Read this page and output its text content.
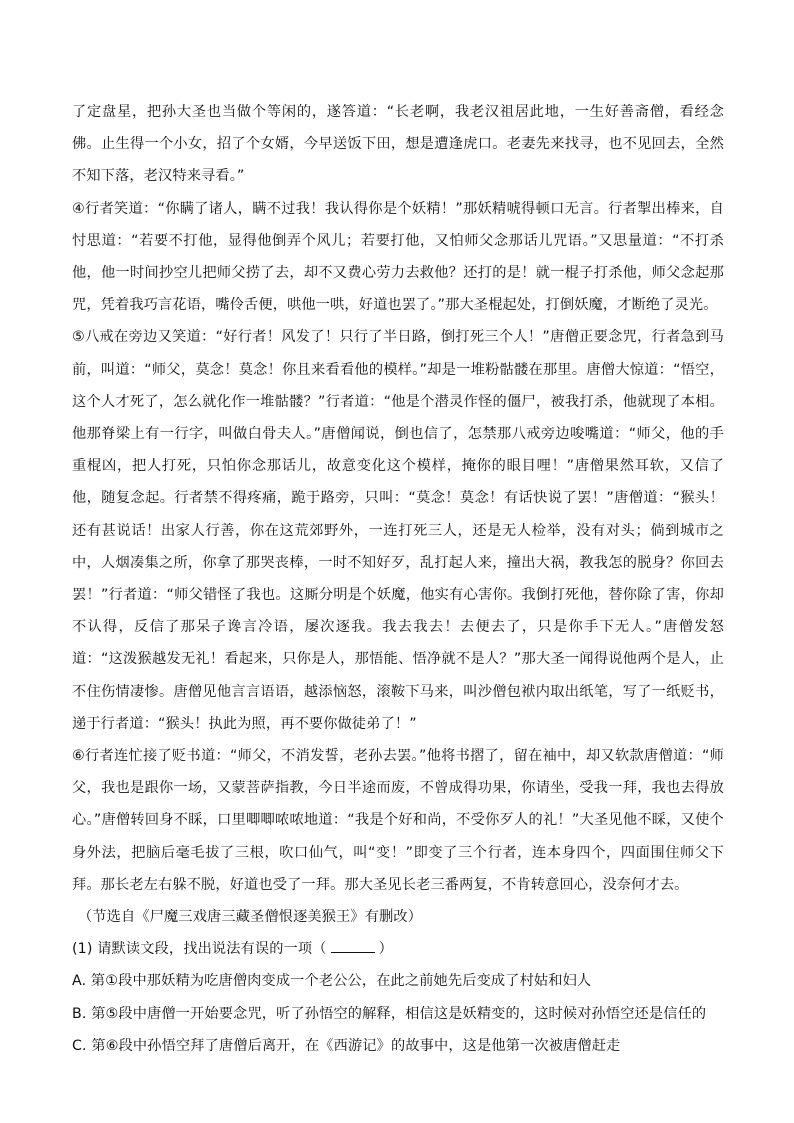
了定盘星，把孙大圣也当做个等闲的，遂答道：“长老啊，我老汉祖居此地，一生好善斋僧，看经念佛。止生得一个小女，招了个女婿，今早送饭下田，想是遭逢虎口。老妻先来找寻，也不见回去，全然不知下落，老汉特来寻看。”

④行者笑道：“你瞒了诸人，瞒不过我！我认得你是个妖精！”那妖精唬得顿口无言。行者掣出棒来，自忖思道：“若要不打他，显得他倒弄个风儿；若要打他，又怕师父念那话儿咒语。”又思量道：“不打杀他，他一时间抄空儿把师父捞了去，却不又费心劳力去救他？还打的是！就一棍子打杀他，师父念起那咒，凭着我巧言花语，嘴伶舌便，哄他一哄，好道也罢了。”那大圣棍起处，打倒妖魔，才断绝了灵光。

⑤八戒在旁边又笑道：“好行者！风发了！只行了半日路，倒打死三个人！”唐僧正要念咒，行者急到马前，叫道：“师父，莫念！莫念！你且来看看他的模样。”却是一堆粉骷髅在那里。唐僧大惊道：“悟空，这个人才死了，怎么就化作一堆骷髅？”行者道：“他是个潜灵作怪的僵尸，被我打杀，他就现了本相。他那脊梁上有一行字，叫做白骨夫人。”唐僧闻说，倒也信了，怎禁那八戒旁边唆嘴道：“师父，他的手重棍凶，把人打死，只怕你念那话儿，故意变化这个模样，掩你的眼目哩！”唐僧果然耳软，又信了他，随复念起。行者禁不得疼痛，跪于路旁，只叫：“莫念！莫念！有话快说了罢！”唐僧道：“猴头！还有甚说话！出家人行善，你在这荒郊野外，一连打死三人，还是无人检举，没有对头；倘到城市之中，人烟凑集之所，你拿了那哭丧棒，一时不知好歹，乱打起人来，撞出大祸，教我怎的脱身？你回去罢！”行者道：“师父错怪了我也。这厮分明是个妖魔，他实有心害你。我倒打死他，替你除了害，你却不认得，反信了那呆子谗言冷语，屡次逐我。我去我去！去便去了，只是你手下无人。”唐僧发怒道：“这泼猴越发无礼！看起来，只你是人，那悟能、悟净就不是人？”那大圣一闻得说他两个是人，止不住伤情凄惨。唐僧见他言言语语，越添恼怒，滚鞍下马来，叫沙僧包袱内取出纸笔，写了一纸贬书，递于行者道：“猴头！执此为照，再不要你做徒弟了！”

⑥行者连忙接了贬书道：“师父，不消发誓，老孙去罢。”他将书摺了，留在袖中，却又软款唐僧道：“师父，我也是跟你一场，又蒙菩萨指教，今日半途而废，不曾成得功果，你请坐，受我一拜，我也去得放心。”唐僧转回身不睬，口里唧唧哝哝地道：“我是个好和尚，不受你歹人的礼！”大圣见他不睬，又使个身外法，把脑后毫毛拔了三根，吹口仙气，叫“变！”即变了三个行者，连本身四个，四面围住师父下拜。那长老左右躲不脱，好道也受了一拜。那大圣见长老三番两复，不肯转意回心，没奈何才去。

（节选自《尸魔三戏唐三藏圣僧恨逐美猴王》有删改）

(1) 请默读文段，找出说法有误的一项（	）

A. 第①段中那妖精为吃唐僧肉变成一个老公公，在此之前她先后变成了村姑和妇人

B. 第⑤段中唐僧一开始要念咒，听了孙悟空的解释，相信这是妖精变的，这时候对孙悟空还是信任的

C. 第⑥段中孙悟空拜了唐僧后离开，在《西游记》的故事中，这是他第一次被唐僧赶走
